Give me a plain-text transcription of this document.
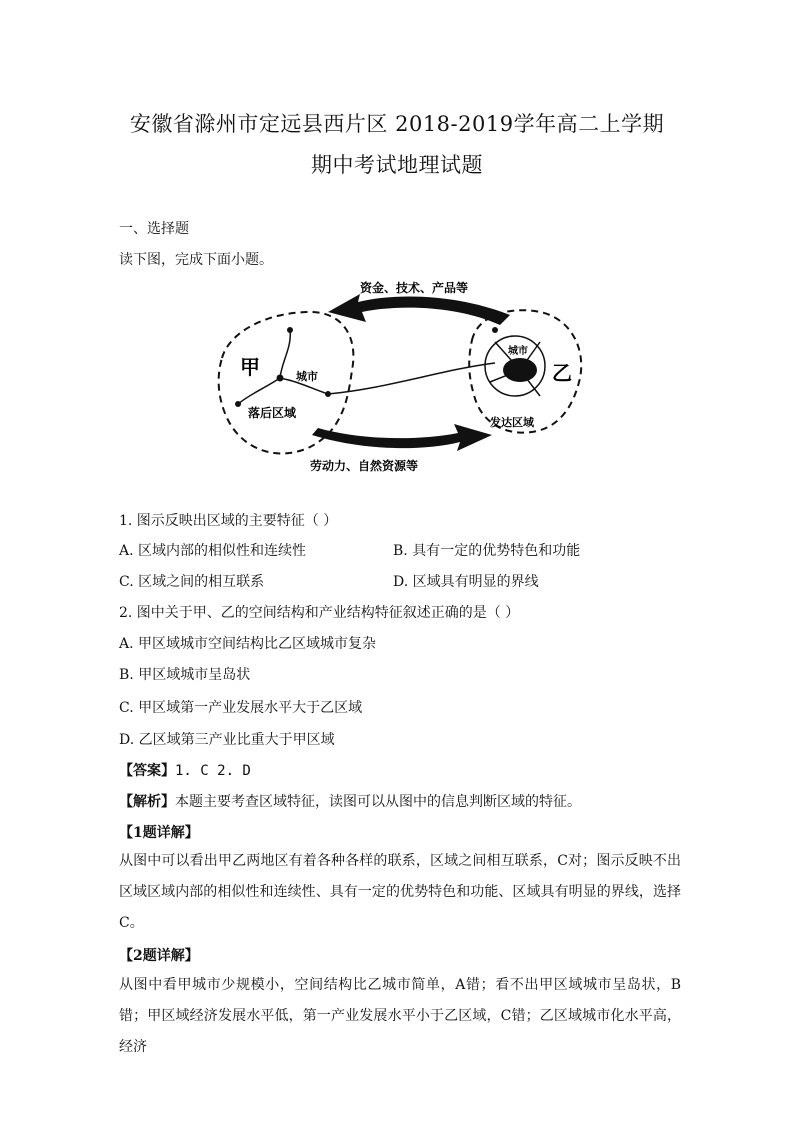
安徽省滁州市定远县西片区 2018-2019学年高二上学期
期中考试地理试题
一、选择题
读下图，完成下面小题。
资金、技术、产品等
劳动力、自然资源等
甲	城市
落后区域
城市
乙
发达区域
1. 图示反映出区域的主要特征（ ）
A. 区域内部的相似性和连续性	B. 具有一定的优势特色和功能
C. 区域之间的相互联系	D. 区域具有明显的界线
2. 图中关于甲、乙的空间结构和产业结构特征叙述正确的是（ ）
A. 甲区域城市空间结构比乙区域城市复杂
B. 甲区域城市呈岛状
C. 甲区域第一产业发展水平大于乙区域
D. 乙区域第三产业比重大于甲区域
【答案】1. C 2. D
【解析】本题主要考查区域特征，读图可以从图中的信息判断区域的特征。
【1题详解】
从图中可以看出甲乙两地区有着各种各样的联系，区域之间相互联系，C对；图示反映不出区域区域内部的相似性和连续性、具有一定的优势特色和功能、区域具有明显的界线，选择C。
【2题详解】
从图中看甲城市少规模小，空间结构比乙城市简单，A错；看不出甲区域城市呈岛状，B错；甲区域经济发展水平低，第一产业发展水平小于乙区域，C错；乙区域城市化水平高，经济
